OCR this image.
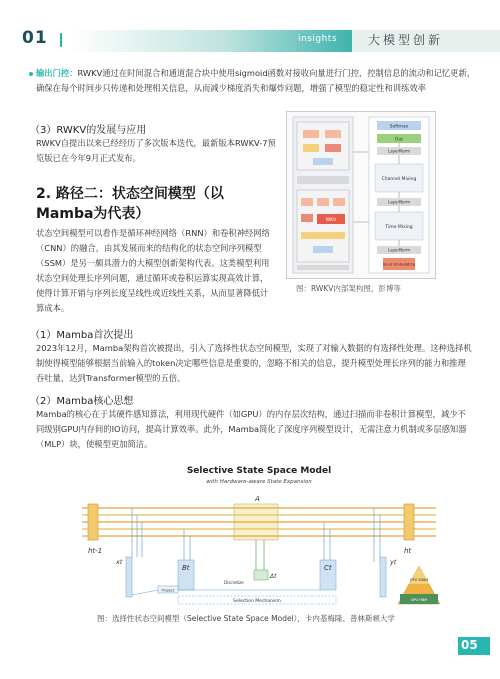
01	insights	大模型创新
输出门控：RWKV通过在时间混合和通道混合块中使用sigmoid函数对接收向量进行门控，控制信息的流动和记忆更新，确保在每个时间步只传递和处理相关信息，从而减少梯度消失和爆炸问题，增强了模型的稳定性和训练效率
（3）RWKV的发展与应用
RWKV自提出以来已经经历了多次版本迭代，最新版本RWKV-7预览版已在今年9月正式发布。
2. 路径二：状态空间模型（以Mamba为代表）
状态空间模型可以看作是循环神经网络（RNN）和卷积神经网络（CNN）的融合，由其发展而来的结构化的状态空间序列模型（SSM）是另一颇具潜力的大模型创新架构代表。这类模型利用状态空间处理长序列问题，通过循环或卷积运算实现高效计算，使得计算开销与序列长度呈线性或近线性关系，从而显著降低计算成本。
WKV
Softmax
Out
LayerNorm
Channel Mixing
LayerNorm
Time Mixing
LayerNorm
Input Embedding
图：RWKV内部架构图，彭博等
（1）Mamba首次提出
2023年12月，Mamba架构首次被提出，引入了选择性状态空间模型，实现了对输入数据的有选择性处理。这种选择机制使得模型能够根据当前输入的token决定哪些信息是重要的，忽略不相关的信息，提升模型处理长序列的能力和推理吞吐量，达到Transformer模型的五倍。
（2）Mamba核心思想
Mamba的核心在于其硬件感知算法，利用现代硬件（如GPU）的内存层次结构，通过扫描而非卷积计算模型，减少不同级别GPU内存间的IO访问，提高计算效率。此外，Mamba简化了深度序列模型设计，无需注意力机制或多层感知器（MLP）块，使模型更加简洁。
Selective State Space Model
with Hardware-aware State Expansion
A
ht-1	ht
xt
Bt
Δt
Discretize
Ct
yt
Project
Selection Mechanism
GPU SRAM
GPU HBM
图：选择性状态空间模型（Selective State Space Model），卡内基梅隆、普林斯顿大学
05
